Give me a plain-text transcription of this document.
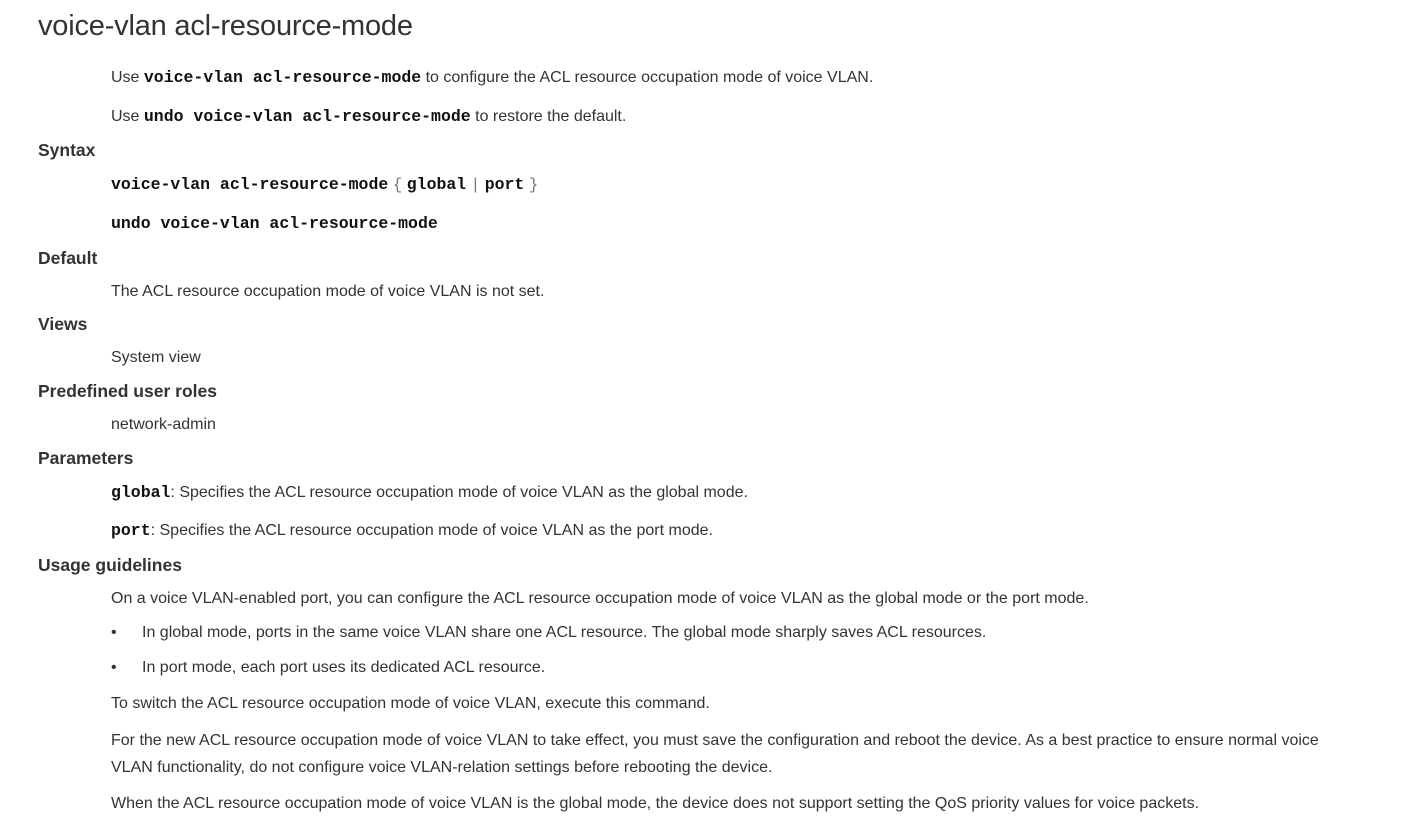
voice-vlan acl-resource-mode

Use voice-vlan acl-resource-mode to configure the ACL resource occupation mode of voice VLAN.

Use undo voice-vlan acl-resource-mode to restore the default.

Syntax

voice-vlan acl-resource-mode { global | port }

undo voice-vlan acl-resource-mode

Default

The ACL resource occupation mode of voice VLAN is not set.

Views

System view

Predefined user roles

network-admin

Parameters

global: Specifies the ACL resource occupation mode of voice VLAN as the global mode.

port: Specifies the ACL resource occupation mode of voice VLAN as the port mode.

Usage guidelines

On a voice VLAN-enabled port, you can configure the ACL resource occupation mode of voice VLAN as the global mode or the port mode.

• In global mode, ports in the same voice VLAN share one ACL resource. The global mode sharply saves ACL resources.

• In port mode, each port uses its dedicated ACL resource.

To switch the ACL resource occupation mode of voice VLAN, execute this command.

For the new ACL resource occupation mode of voice VLAN to take effect, you must save the configuration and reboot the device. As a best practice to ensure normal voice VLAN functionality, do not configure voice VLAN-relation settings before rebooting the device.

When the ACL resource occupation mode of voice VLAN is the global mode, the device does not support setting the QoS priority values for voice packets.
